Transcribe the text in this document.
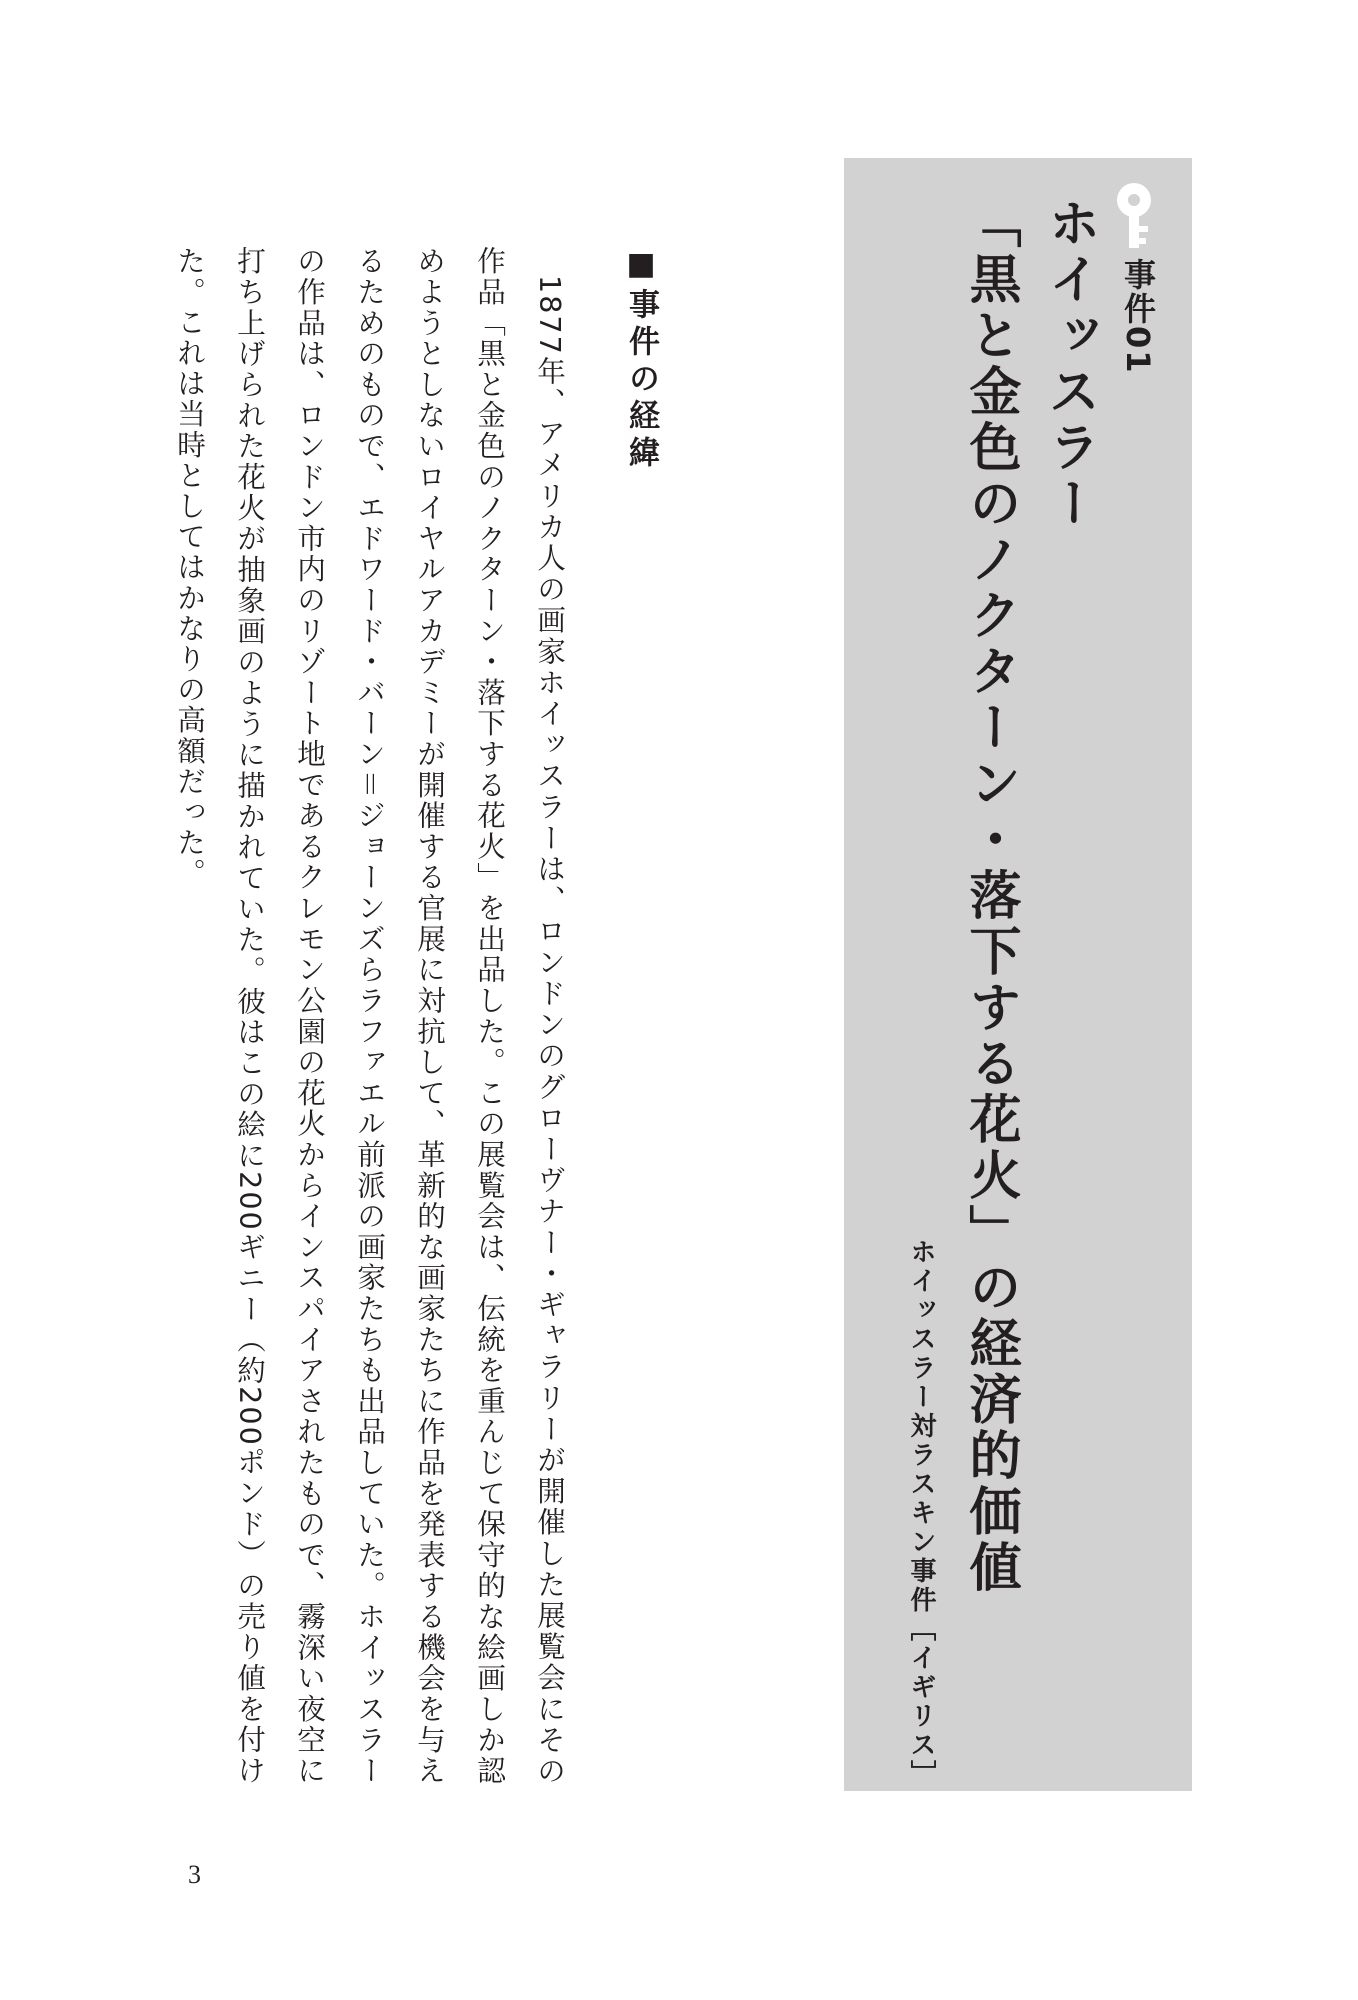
事件01
ホイッスラー
「黒と金色のノクターン・落下する花火」の経済的価値
ホイッスラー対ラスキン事件［イギリス］
■事件の経緯

1877年、アメリカ人の画家ホイッスラーは、ロンドンのグローヴナー・ギャラリーが開催した展覧会にその作品「黒と金色のノクターン・落下する花火」を出品した。この展覧会は、伝統を重んじて保守的な絵画しか認めようとしないロイヤルアカデミーが開催する官展に対抗して、革新的な画家たちに作品を発表する機会を与えるためのもので、エドワード・バーン＝ジョーンズらラファエル前派の画家たちも出品していた。ホイッスラーの作品は、ロンドン市内のリゾート地であるクレモン公園の花火からインスパイアされたもので、霧深い夜空に打ち上げられた花火が抽象画のように描かれていた。彼はこの絵に200ギニー（約200ポンド）の売り値を付けた。これは当時としてはかなりの高額だった。

3
